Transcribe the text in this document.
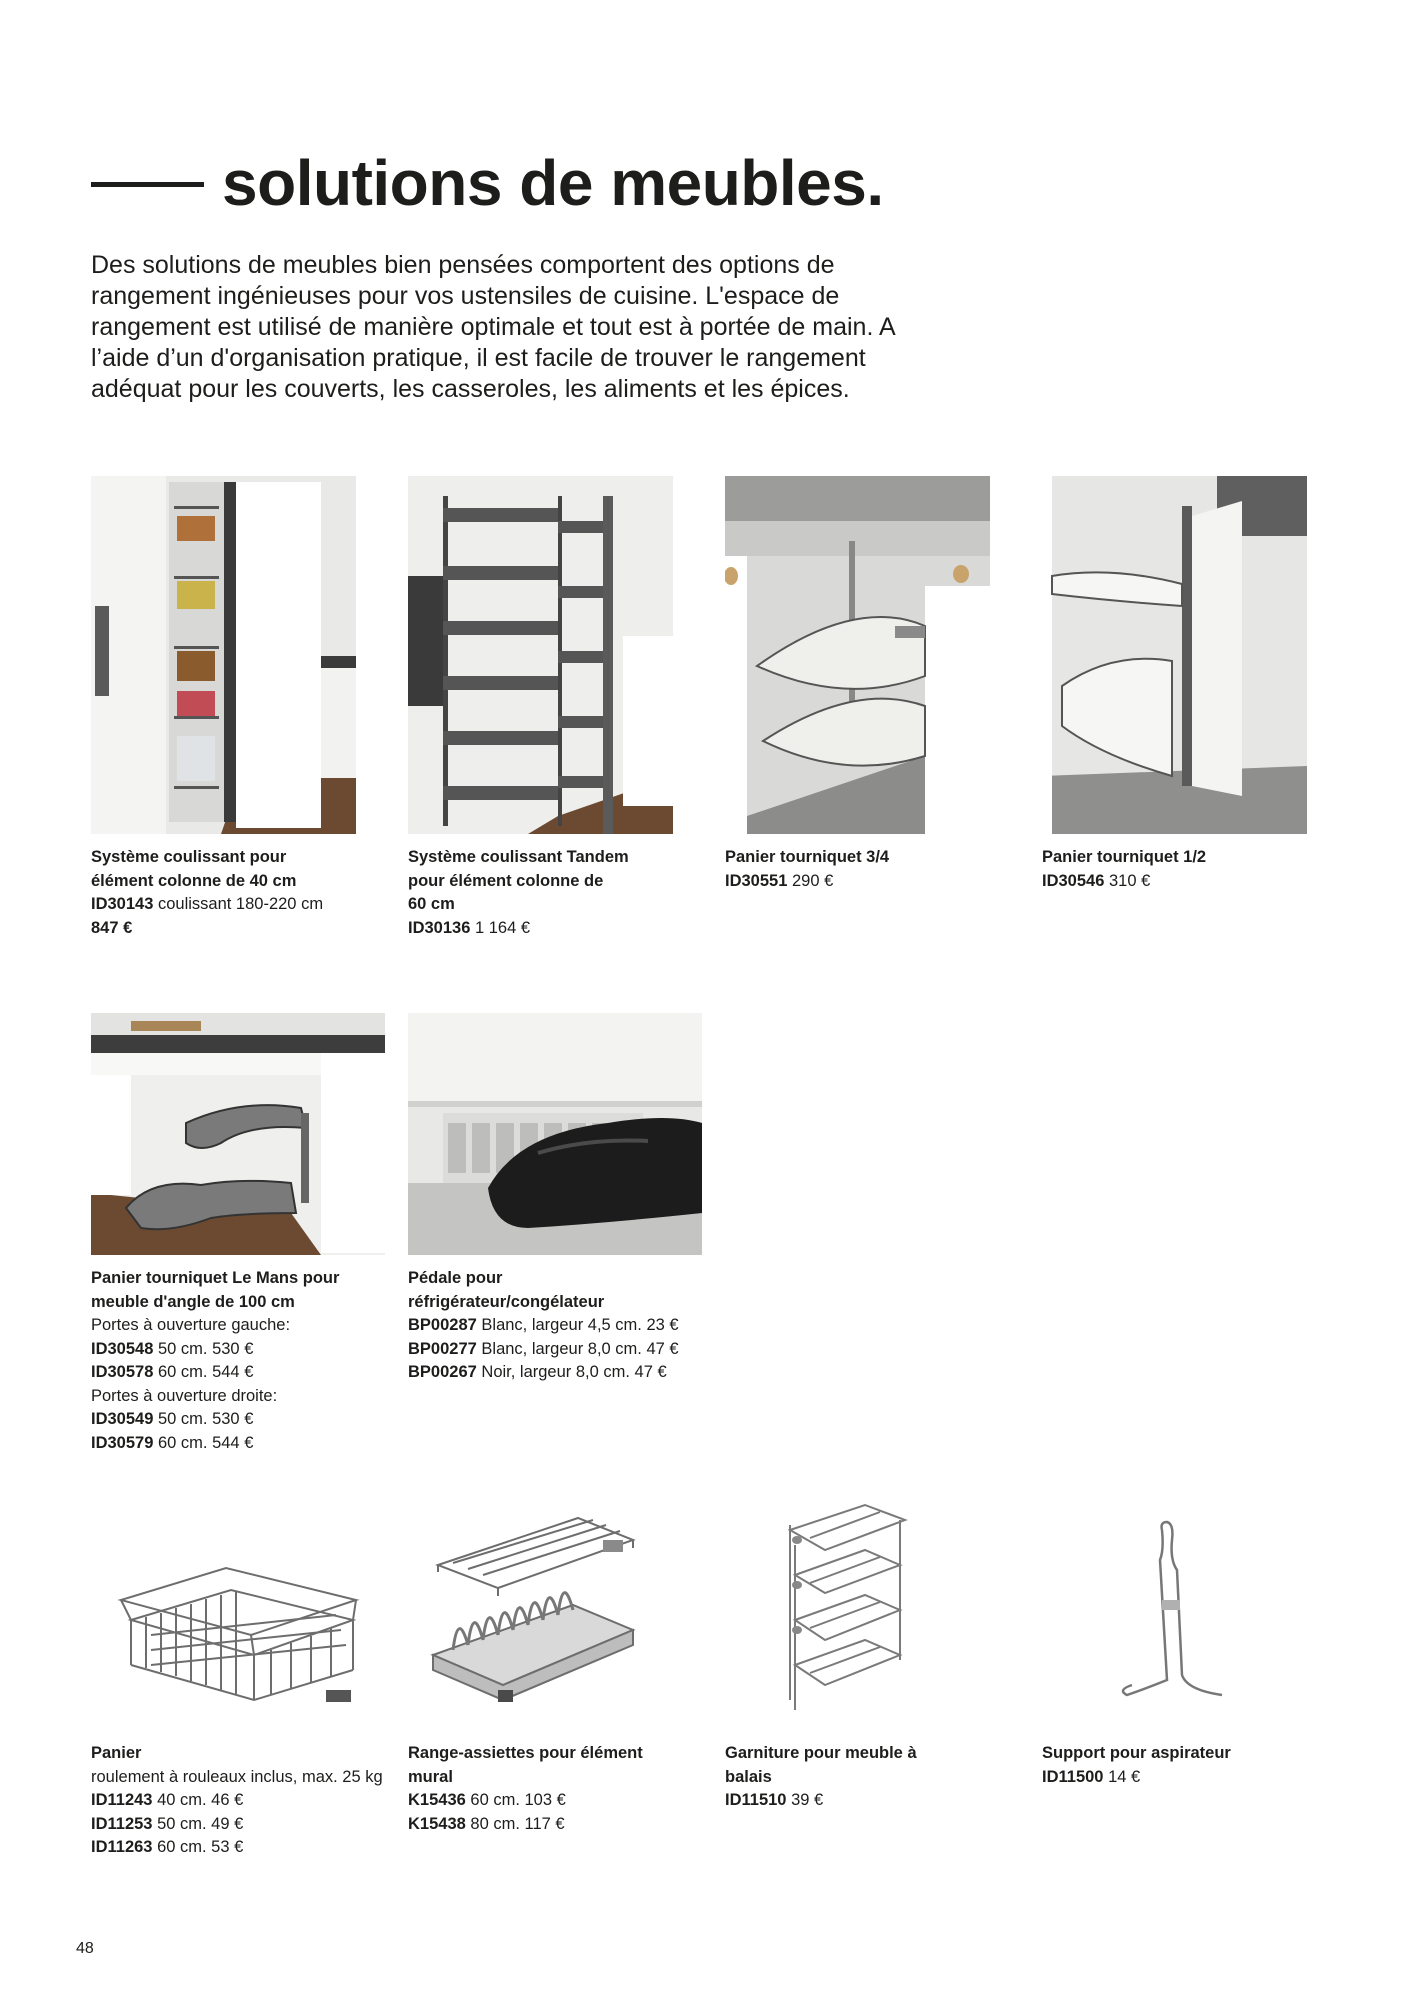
solutions de meubles.

Des solutions de meubles bien pensées comportent des options de rangement ingénieuses pour vos ustensiles de cuisine. L'espace de rangement est utilisé de manière optimale et tout est à portée de main. A l’aide d’un d'organisation pratique, il est facile de trouver le rangement adéquat pour les couverts, les casseroles, les aliments et les épices.

Système coulissant pour
élément colonne de 40 cm
ID30143 coulissant 180-220 cm
847 €
Système coulissant Tandem
pour élément colonne de
60 cm
ID30136 1 164 €
Panier tourniquet 3/4
ID30551 290 €
Panier tourniquet 1/2
ID30546 310 €
Panier tourniquet Le Mans pour
meuble d'angle de 100 cm
Portes à ouverture gauche:
ID30548 50 cm. 530 €
ID30578 60 cm. 544 €
Portes à ouverture droite:
ID30549 50 cm. 530 €
ID30579 60 cm. 544 €
Pédale pour réfrigérateur/congélateur
BP00287 Blanc, largeur 4,5 cm. 23 €
BP00277 Blanc, largeur 8,0 cm. 47 €
BP00267 Noir, largeur 8,0 cm. 47 €
Panier
roulement à rouleaux inclus, max. 25 kg
ID11243 40 cm. 46 €
ID11253 50 cm. 49 €
ID11263 60 cm. 53 €
Range-assiettes pour élément
mural
K15436 60 cm. 103 €
K15438 80 cm. 117 €
Garniture pour meuble à
balais
ID11510 39 €
Support pour aspirateur
ID11500 14 €
48
